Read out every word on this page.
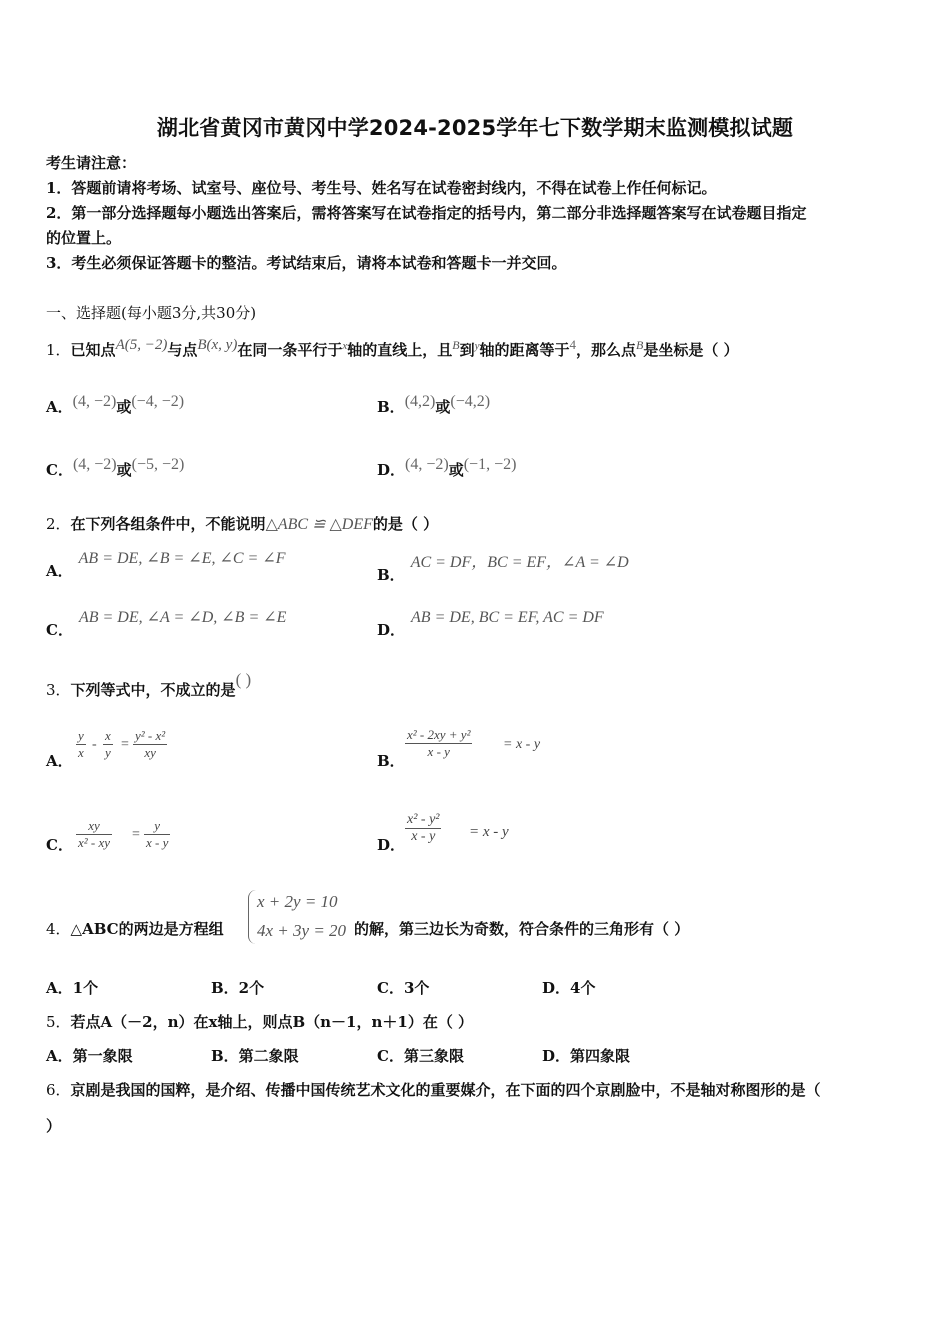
湖北省黄冈市黄冈中学2024-2025学年七下数学期末监测模拟试题
考生请注意：
1．答题前请将考场、试室号、座位号、考生号、姓名写在试卷密封线内，不得在试卷上作任何标记。
2．第一部分选择题每小题选出答案后，需将答案写在试卷指定的括号内，第二部分非选择题答案写在试卷题目指定
的位置上。
3．考生必须保证答题卡的整洁。考试结束后，请将本试卷和答题卡一并交回。
一、选择题(每小题3分,共30分)
1．已知点A(5, −2)与点B(x, y)在同一条平行于$^x$轴的直线上，且$^B$到$^y$轴的距离等于4，那么点$^B$是坐标是（ ）
A．(4, −2)或(−4, −2)	B．(4,2)或(−4,2)
C．(4, −2)或(−5, −2)	D．(4, −2)或(−1, −2)
2．在下列各组条件中，不能说明△ABC ≌ △DEF的是（ ）
A．AB = DE, ∠B = ∠E, ∠C = ∠F
B．AC = DF，BC = EF，∠A = ∠D
C．AB = DE, ∠A = ∠D, ∠B = ∠E
D．AB = DE, BC = EF, AC = DF
3．下列等式中，不成立的是( )
A．
y
x
-
x
y
=
y² - x²
xy	B．
x² - 2xy + y²
x - y	= x - y
C．
xy
x² - xy
=
y
x - y	D．
x² - y²
x - y	= x - y
4．△ABC的两边是方程组
x + 2y = 10
4x + 3y = 20 的解，第三边长为奇数，符合条件的三角形有（ ）
A．1个	B．2个	C．3个	D．4个
5．若点A（－2，n）在x轴上，则点B（n－1，n＋1）在（ ）
A．第一象限	B．第二象限	C．第三象限	D．第四象限
6．京剧是我国的国粹，是介绍、传播中国传统艺术文化的重要媒介，在下面的四个京剧脸中，不是轴对称图形的是（
）
